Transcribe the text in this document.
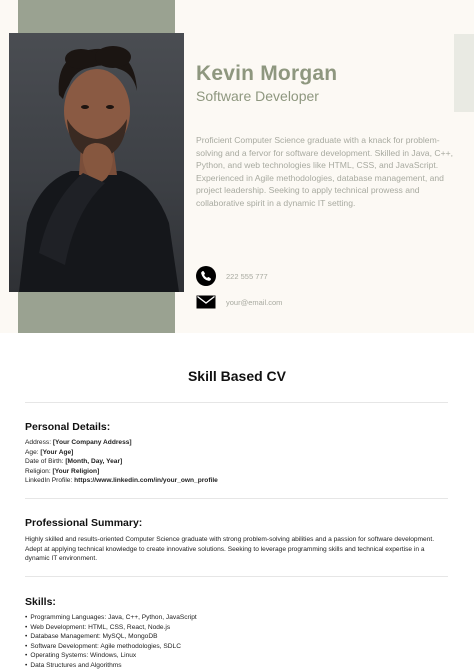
Kevin Morgan
Software Developer

Proficient Computer Science graduate with a knack for problem-solving and a fervor for software development. Skilled in Java, C++, Python, and web technologies like HTML, CSS, and JavaScript. Experienced in Agile methodologies, database management, and project leadership. Seeking to apply technical prowess and collaborative spirit in a dynamic IT setting.

222 555 777
your@email.com
Skill Based CV
Personal Details:
Address: [Your Company Address]
Age: [Your Age]
Date of Birth: [Month, Day, Year]
Religion: [Your Religion]
LinkedIn Profile: https://www.linkedin.com/in/your_own_profile
Professional Summary:

Highly skilled and results-oriented Computer Science graduate with strong problem-solving abilities and a passion for software development. Adept at applying technical knowledge to create innovative solutions. Seeking to leverage programming skills and technical expertise in a dynamic IT environment.

Skills:
• Programming Languages: Java, C++, Python, JavaScript
• Web Development: HTML, CSS, React, Node.js
• Database Management: MySQL, MongoDB
• Software Development: Agile methodologies, SDLC
• Operating Systems: Windows, Linux
• Data Structures and Algorithms
